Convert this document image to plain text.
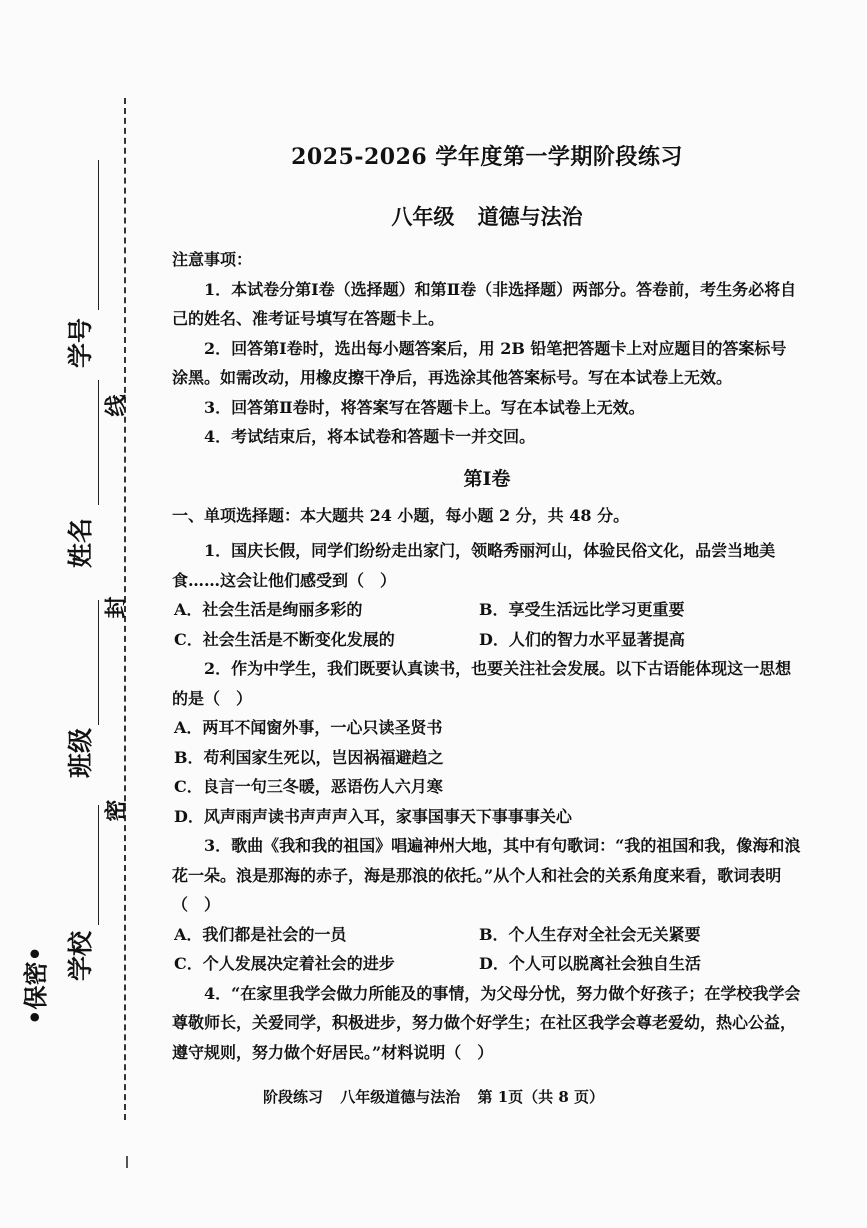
学号
姓名
班级
学校
线
封
密
•保密•
2025-2026 学年度第一学期阶段练习
八年级 道德与法治

注意事项：

1．本试卷分第Ⅰ卷（选择题）和第Ⅱ卷（非选择题）两部分。答卷前，考生务必将自己的姓名、准考证号填写在答题卡上。

2．回答第Ⅰ卷时，选出每小题答案后，用 2B 铅笔把答题卡上对应题目的答案标号涂黑。如需改动，用橡皮擦干净后，再选涂其他答案标号。写在本试卷上无效。

3．回答第Ⅱ卷时，将答案写在答题卡上。写在本试卷上无效。

4．考试结束后，将本试卷和答题卡一并交回。

第Ⅰ卷

一、单项选择题：本大题共 24 小题，每小题 2 分，共 48 分。

1．国庆长假，同学们纷纷走出家门，领略秀丽河山，体验民俗文化，品尝当地美食……这会让他们感受到（　）

A．社会生活是绚丽多彩的	B．享受生活远比学习更重要
C．社会生活是不断变化发展的	D．人们的智力水平显著提高

2．作为中学生，我们既要认真读书，也要关注社会发展。以下古语能体现这一思想的是（　）

A．两耳不闻窗外事，一心只读圣贤书
B．苟利国家生死以，岂因祸福避趋之
C．良言一句三冬暖，恶语伤人六月寒
D．风声雨声读书声声声入耳，家事国事天下事事事关心

3．歌曲《我和我的祖国》唱遍神州大地，其中有句歌词：“我的祖国和我，像海和浪花一朵。浪是那海的赤子，海是那浪的依托。”从个人和社会的关系角度来看，歌词表明（　）

A．我们都是社会的一员	B．个人生存对全社会无关紧要
C．个人发展决定着社会的进步	D．个人可以脱离社会独自生活

4．“在家里我学会做力所能及的事情，为父母分忧，努力做个好孩子；在学校我学会尊敬师长，关爱同学，积极进步，努力做个好学生；在社区我学会尊老爱幼，热心公益，遵守规则，努力做个好居民。”材料说明（　）

阶段练习 八年级道德与法治 第 1页（共 8 页）
